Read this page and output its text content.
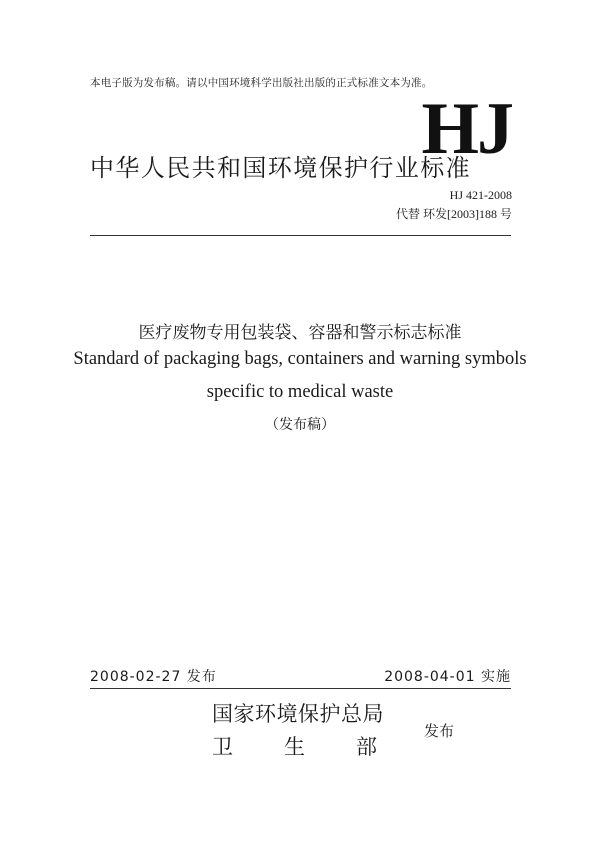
本电子版为发布稿。请以中国环境科学出版社出版的正式标准文本为准。
HJ
中华人民共和国环境保护行业标准
HJ 421-2008
代替 环发[2003]188 号
医疗废物专用包装袋、容器和警示标志标准
Standard of packaging bags, containers and warning symbols
specific to medical waste
（发布稿）
2008-02-27 发布	2008-04-01 实施
国家环境保护总局
卫生部
发布
